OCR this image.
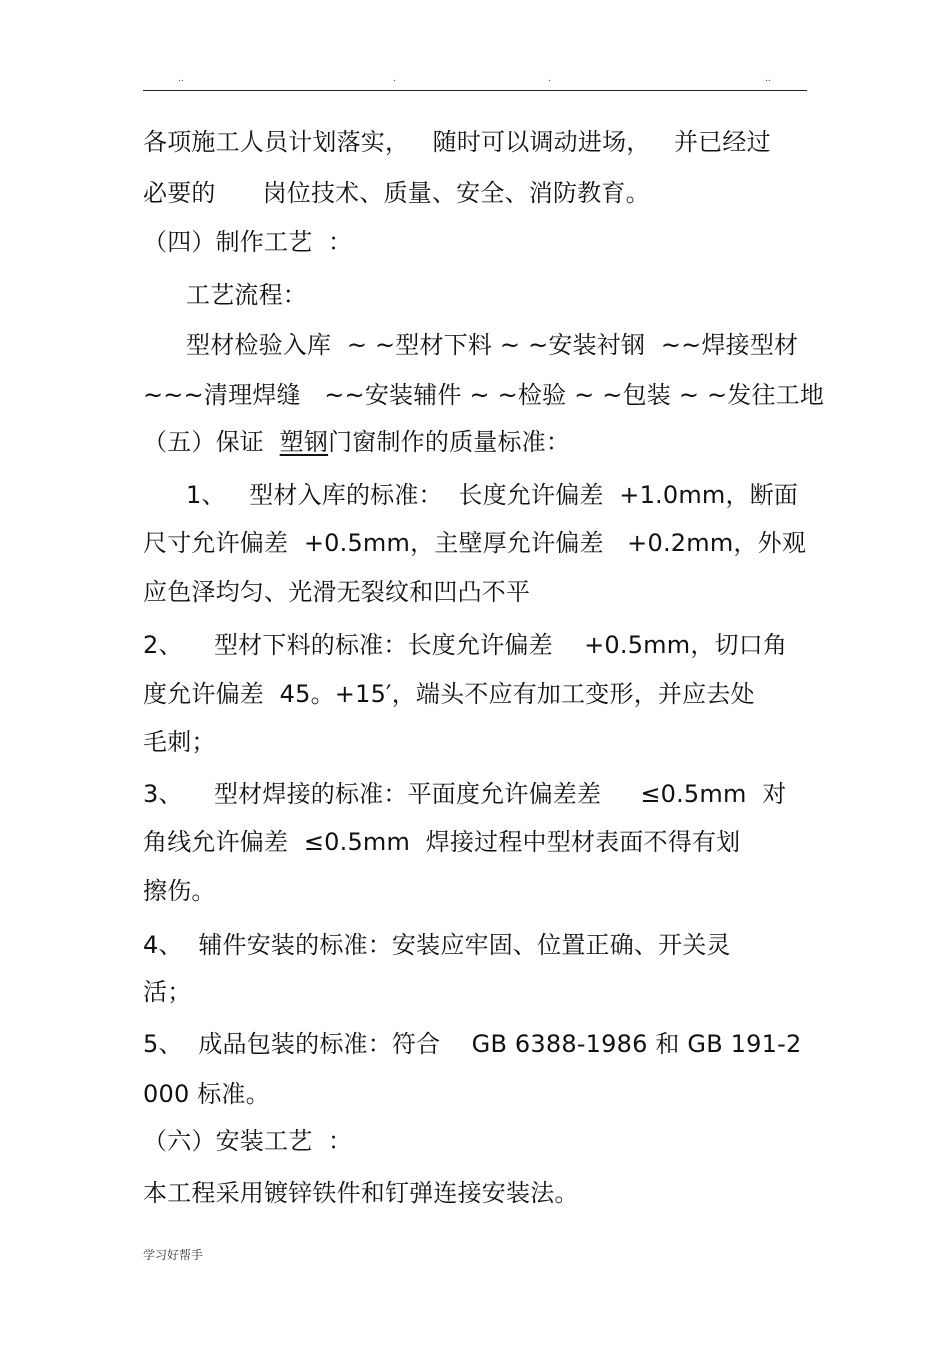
..	.	.	..
各项施工人员计划落实，   随时可以调动进场，   并已经过
必要的      岗位技术、质量、安全、消防教育。
（四）制作工艺  ：
工艺流程：
型材检验入库  ~ ~型材下料 ~ ~安装衬钢  ~~焊接型材
~~~清理焊缝   ~~安装辅件 ~ ~检验 ~ ~包装 ~ ~发往工地
（五）保证  塑钢门窗制作的质量标准：
1、   型材入库的标准：  长度允许偏差  +1.0mm，断面
尺寸允许偏差  +0.5mm，主壁厚允许偏差   +0.2mm，外观
应色泽均匀、光滑无裂纹和凹凸不平
2、    型材下料的标准：长度允许偏差    +0.5mm，切口角
度允许偏差  45。+15′，端头不应有加工变形，并应去处
毛刺；
3、    型材焊接的标准：平面度允许偏差差     ≤0.5mm  对
角线允许偏差  ≤0.5mm  焊接过程中型材表面不得有划
擦伤。
4、  辅件安装的标准：安装应牢固、位置正确、开关灵
活；
5、  成品包装的标准：符合    GB 6388-1986 和 GB 191-2
000 标准。
（六）安装工艺  ：
本工程采用镀锌铁件和钉弹连接安装法。
学习好帮手
